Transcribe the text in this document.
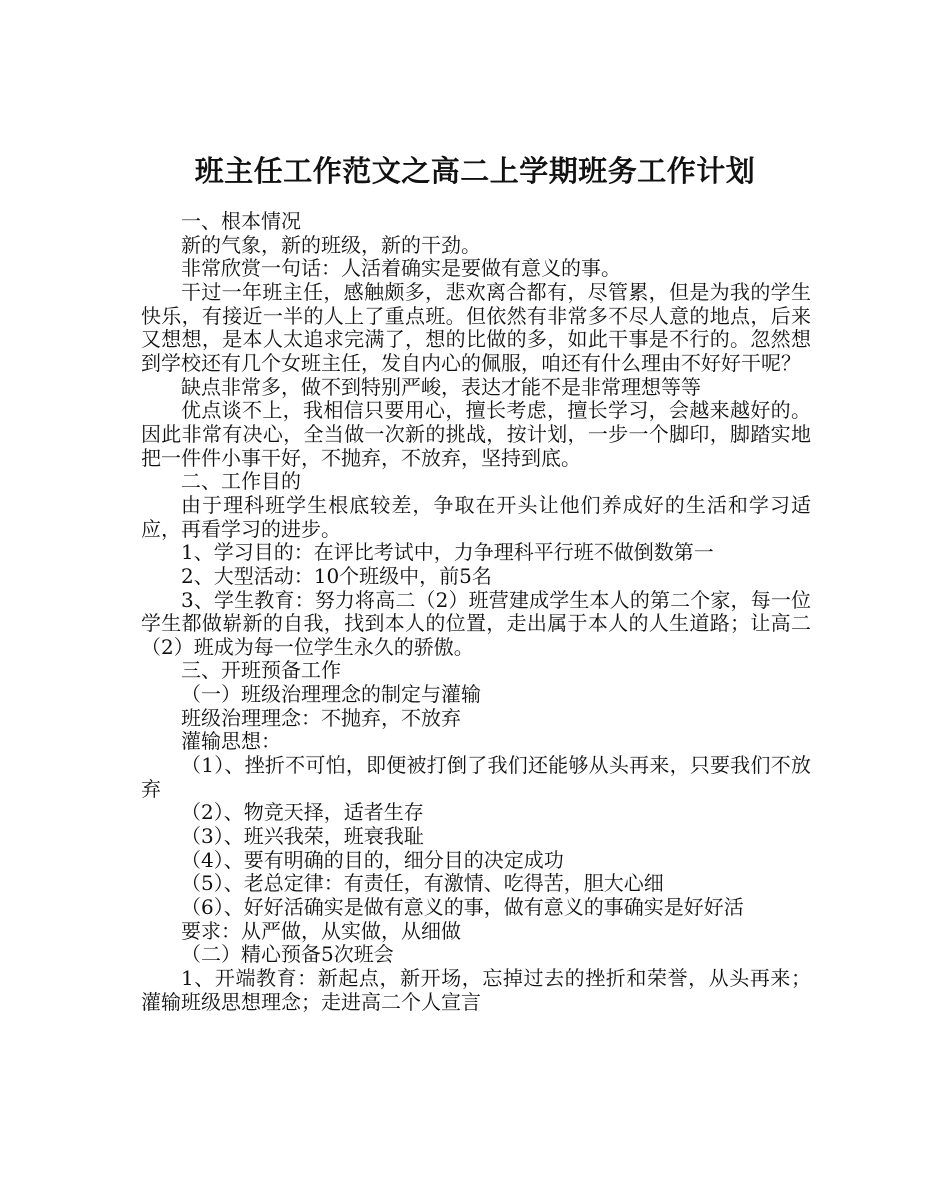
班主任工作范文之高二上学期班务工作计划

一、根本情况

新的气象，新的班级，新的干劲。

非常欣赏一句话：人活着确实是要做有意义的事。

干过一年班主任，感触颇多，悲欢离合都有，尽管累，但是为我的学生快乐，有接近一半的人上了重点班。但依然有非常多不尽人意的地点，后来又想想，是本人太追求完满了，想的比做的多，如此干事是不行的。忽然想到学校还有几个女班主任，发自内心的佩服，咱还有什么理由不好好干呢？

缺点非常多，做不到特别严峻，表达才能不是非常理想等等

优点谈不上，我相信只要用心，擅长考虑，擅长学习，会越来越好的。因此非常有决心，全当做一次新的挑战，按计划，一步一个脚印，脚踏实地把一件件小事干好，不抛弃，不放弃，坚持到底。

二、工作目的

由于理科班学生根底较差，争取在开头让他们养成好的生活和学习适应，再看学习的进步。

1、学习目的：在评比考试中，力争理科平行班不做倒数第一

2、大型活动：10个班级中，前5名

3、学生教育：努力将高二（2）班营建成学生本人的第二个家，每一位学生都做崭新的自我，找到本人的位置，走出属于本人的人生道路；让高二（2）班成为每一位学生永久的骄傲。

三、开班预备工作

（一）班级治理理念的制定与灌输

班级治理理念：不抛弃，不放弃

灌输思想：

（1）、挫折不可怕，即便被打倒了我们还能够从头再来，只要我们不放弃

（2）、物竞天择，适者生存

（3）、班兴我荣，班衰我耻

（4）、要有明确的目的，细分目的决定成功

（5）、老总定律：有责任，有激情、吃得苦，胆大心细

（6）、好好活确实是做有意义的事，做有意义的事确实是好好活

要求：从严做，从实做，从细做

（二）精心预备5次班会

1、开端教育：新起点，新开场，忘掉过去的挫折和荣誉，从头再来；灌输班级思想理念；走进高二个人宣言
